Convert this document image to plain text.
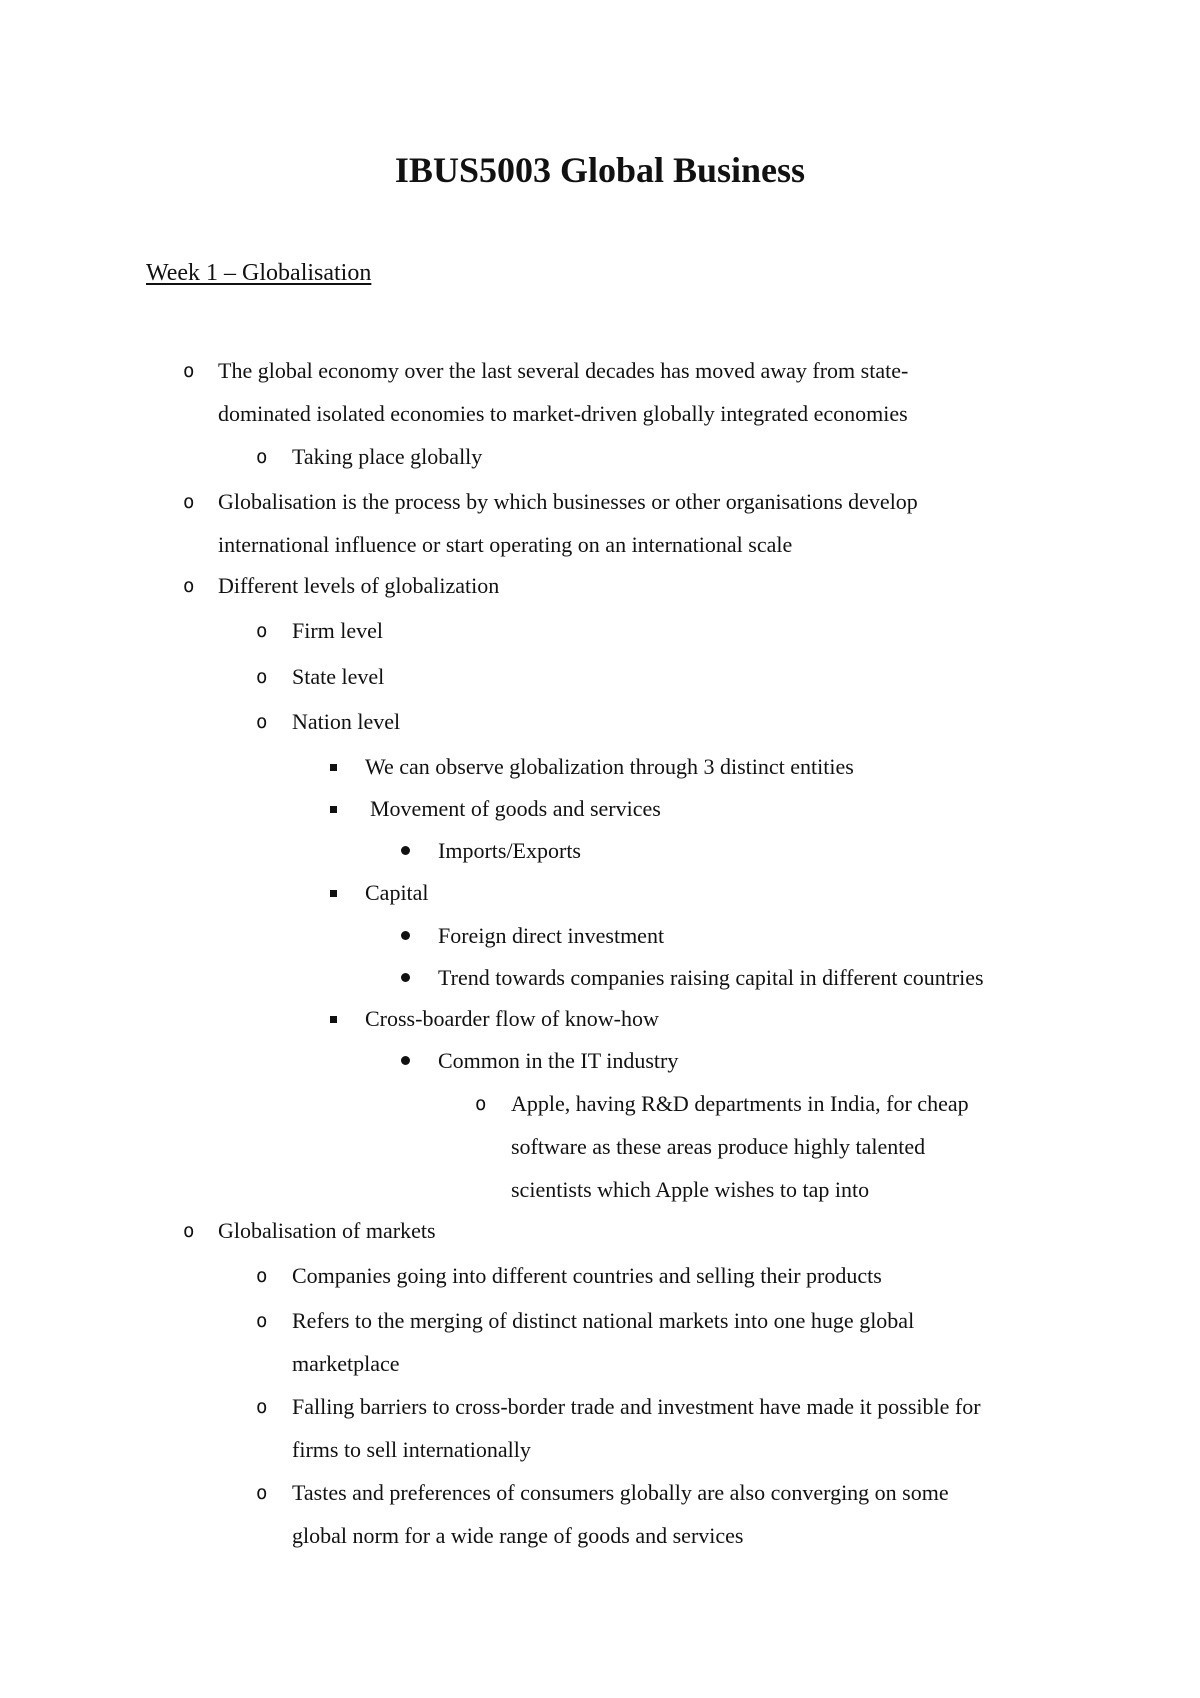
IBUS5003 Global Business
Week 1 – Globalisation
o The global economy over the last several decades has moved away from state-
dominated isolated economies to market-driven globally integrated economies
o Taking place globally
o Globalisation is the process by which businesses or other organisations develop
international influence or start operating on an international scale
o Different levels of globalization
o Firm level
o State level
o Nation level
We can observe globalization through 3 distinct entities
Movement of goods and services
Imports/Exports
Capital
Foreign direct investment
Trend towards companies raising capital in different countries
Cross-boarder flow of know-how
Common in the IT industry
o Apple, having R&D departments in India, for cheap
software as these areas produce highly talented
scientists which Apple wishes to tap into
o Globalisation of markets
o Companies going into different countries and selling their products
o Refers to the merging of distinct national markets into one huge global
marketplace
o Falling barriers to cross-border trade and investment have made it possible for
firms to sell internationally
o Tastes and preferences of consumers globally are also converging on some
global norm for a wide range of goods and services
